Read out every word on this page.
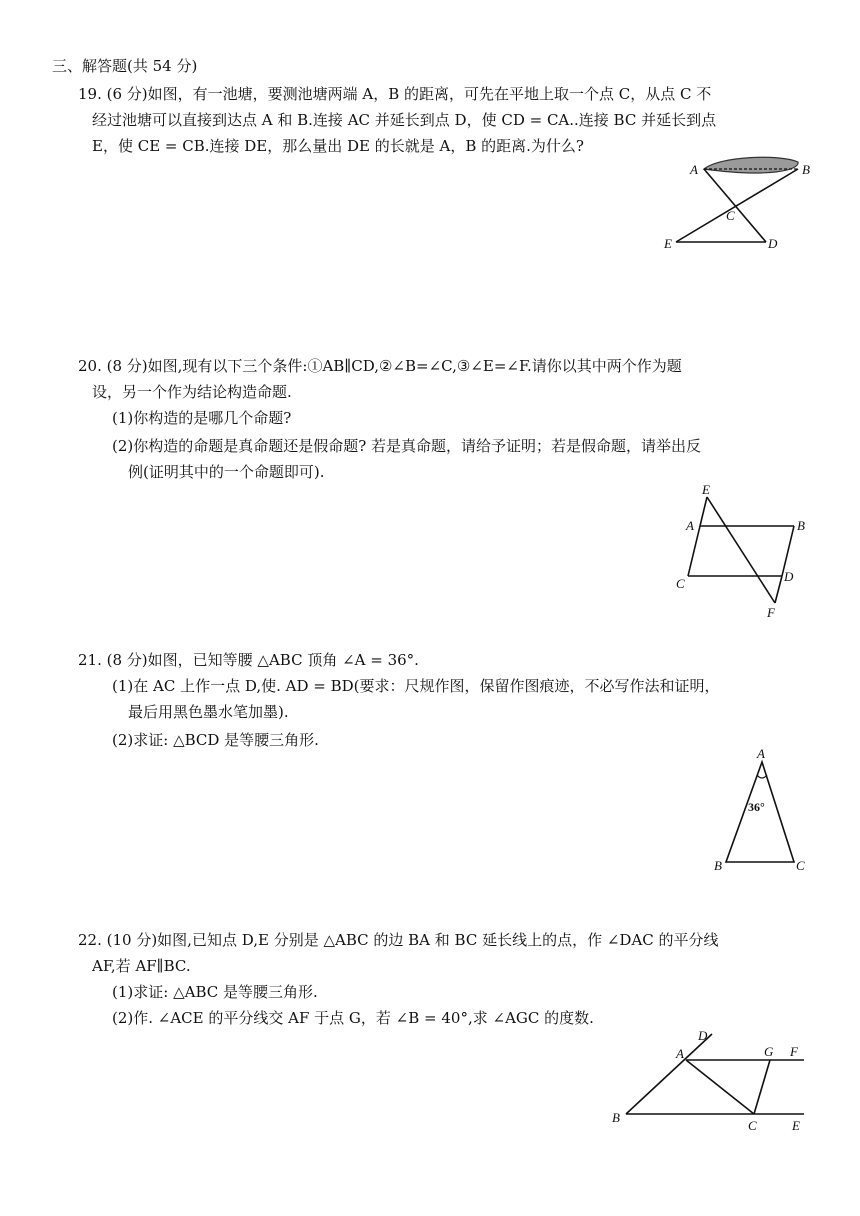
三、解答题(共 54 分)
19. (6 分)如图，有一池塘，要测池塘两端 A，B 的距离，可先在平地上取一个点 C，从点 C 不
经过池塘可以直接到达点 A 和 B.连接 AC 并延长到点 D，使 CD = CA..连接 BC 并延长到点
E，使 CE = CB.连接 DE，那么量出 DE 的长就是 A，B 的距离.为什么?
A	B
C
E	D
20. (8 分)如图,现有以下三个条件:①AB∥CD,②∠B=∠C,③∠E=∠F.请你以其中两个作为题
设，另一个作为结论构造命题.
(1)你构造的是哪几个命题?
(2)你构造的命题是真命题还是假命题? 若是真命题，请给予证明；若是假命题，请举出反
例(证明其中的一个命题即可).
E
A	B
C	D
F
21. (8 分)如图，已知等腰 △ABC 顶角 ∠A = 36°.
(1)在 AC 上作一点 D,使. AD = BD(要求：尺规作图，保留作图痕迹，不必写作法和证明，
最后用黑色墨水笔加墨).
(2)求证: △BCD 是等腰三角形.
A
B	C
36°
22. (10 分)如图,已知点 D,E 分别是 △ABC 的边 BA 和 BC 延长线上的点，作 ∠DAC 的平分线
AF,若 AF∥BC.
(1)求证: △ABC 是等腰三角形.
(2)作. ∠ACE 的平分线交 AF 于点 G，若 ∠B = 40°,求 ∠AGC 的度数.
D
A	G F
B
C	E
